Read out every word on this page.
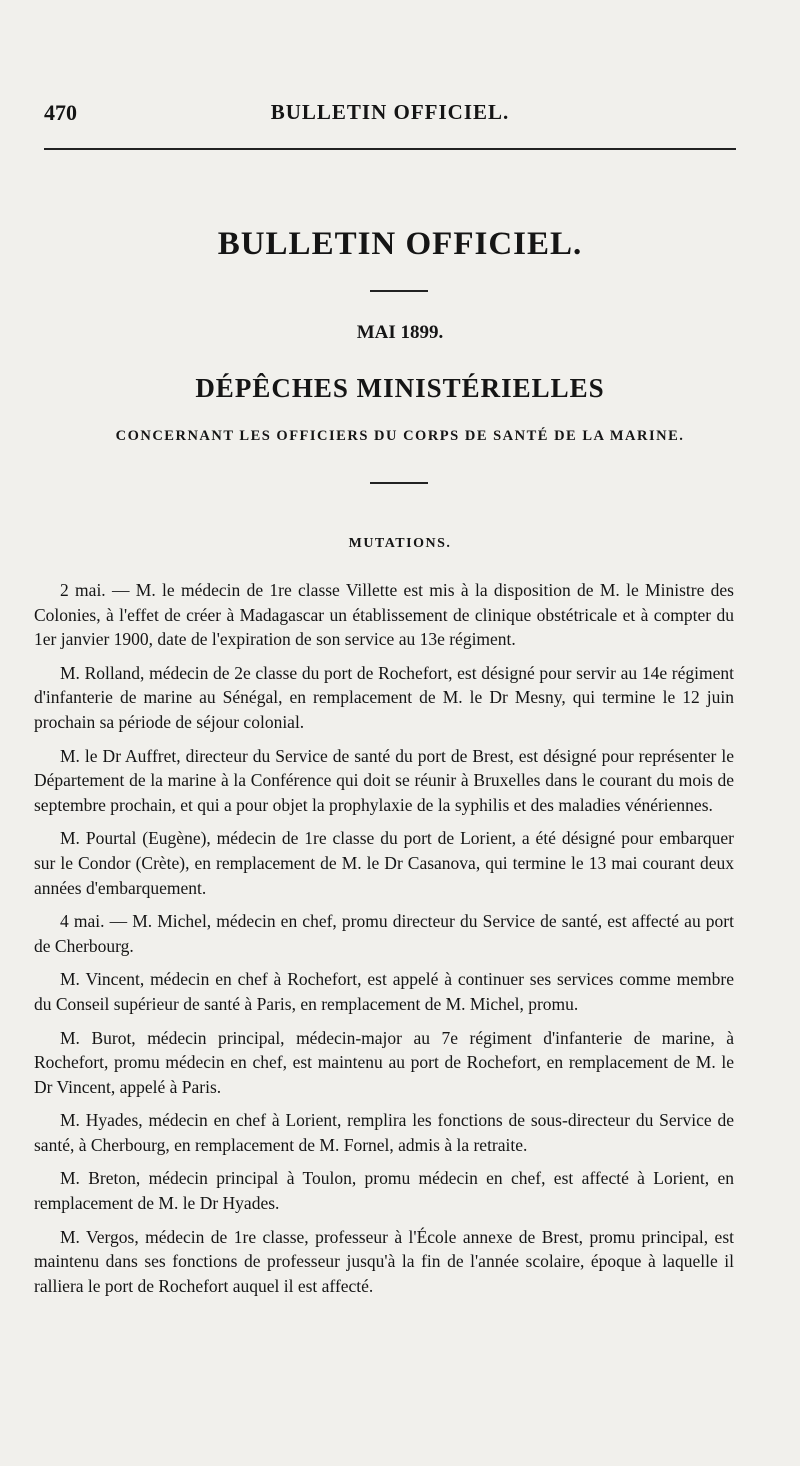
470	BULLETIN OFFICIEL.
BULLETIN OFFICIEL.
MAI 1899.
DÉPÊCHES MINISTÉRIELLES
CONCERNANT LES OFFICIERS DU CORPS DE SANTÉ DE LA MARINE.
MUTATIONS.

2 mai. — M. le médecin de 1re classe Villette est mis à la disposition de M. le Ministre des Colonies, à l'effet de créer à Madagascar un établissement de clinique obstétricale et à compter du 1er janvier 1900, date de l'expiration de son service au 13e régiment.

M. Rolland, médecin de 2e classe du port de Rochefort, est désigné pour servir au 14e régiment d'infanterie de marine au Sénégal, en remplacement de M. le Dr Mesny, qui termine le 12 juin prochain sa période de séjour colonial.

M. le Dr Auffret, directeur du Service de santé du port de Brest, est désigné pour représenter le Département de la marine à la Conférence qui doit se réunir à Bruxelles dans le courant du mois de septembre prochain, et qui a pour objet la prophylaxie de la syphilis et des maladies vénériennes.

M. Pourtal (Eugène), médecin de 1re classe du port de Lorient, a été désigné pour embarquer sur le Condor (Crète), en remplacement de M. le Dr Casanova, qui termine le 13 mai courant deux années d'embarquement.

4 mai. — M. Michel, médecin en chef, promu directeur du Service de santé, est affecté au port de Cherbourg.

M. Vincent, médecin en chef à Rochefort, est appelé à continuer ses services comme membre du Conseil supérieur de santé à Paris, en remplacement de M. Michel, promu.

M. Burot, médecin principal, médecin-major au 7e régiment d'infanterie de marine, à Rochefort, promu médecin en chef, est maintenu au port de Rochefort, en remplacement de M. le Dr Vincent, appelé à Paris.

M. Hyades, médecin en chef à Lorient, remplira les fonctions de sous-directeur du Service de santé, à Cherbourg, en remplacement de M. Fornel, admis à la retraite.

M. Breton, médecin principal à Toulon, promu médecin en chef, est affecté à Lorient, en remplacement de M. le Dr Hyades.

M. Vergos, médecin de 1re classe, professeur à l'École annexe de Brest, promu principal, est maintenu dans ses fonctions de professeur jusqu'à la fin de l'année scolaire, époque à laquelle il ralliera le port de Rochefort auquel il est affecté.
